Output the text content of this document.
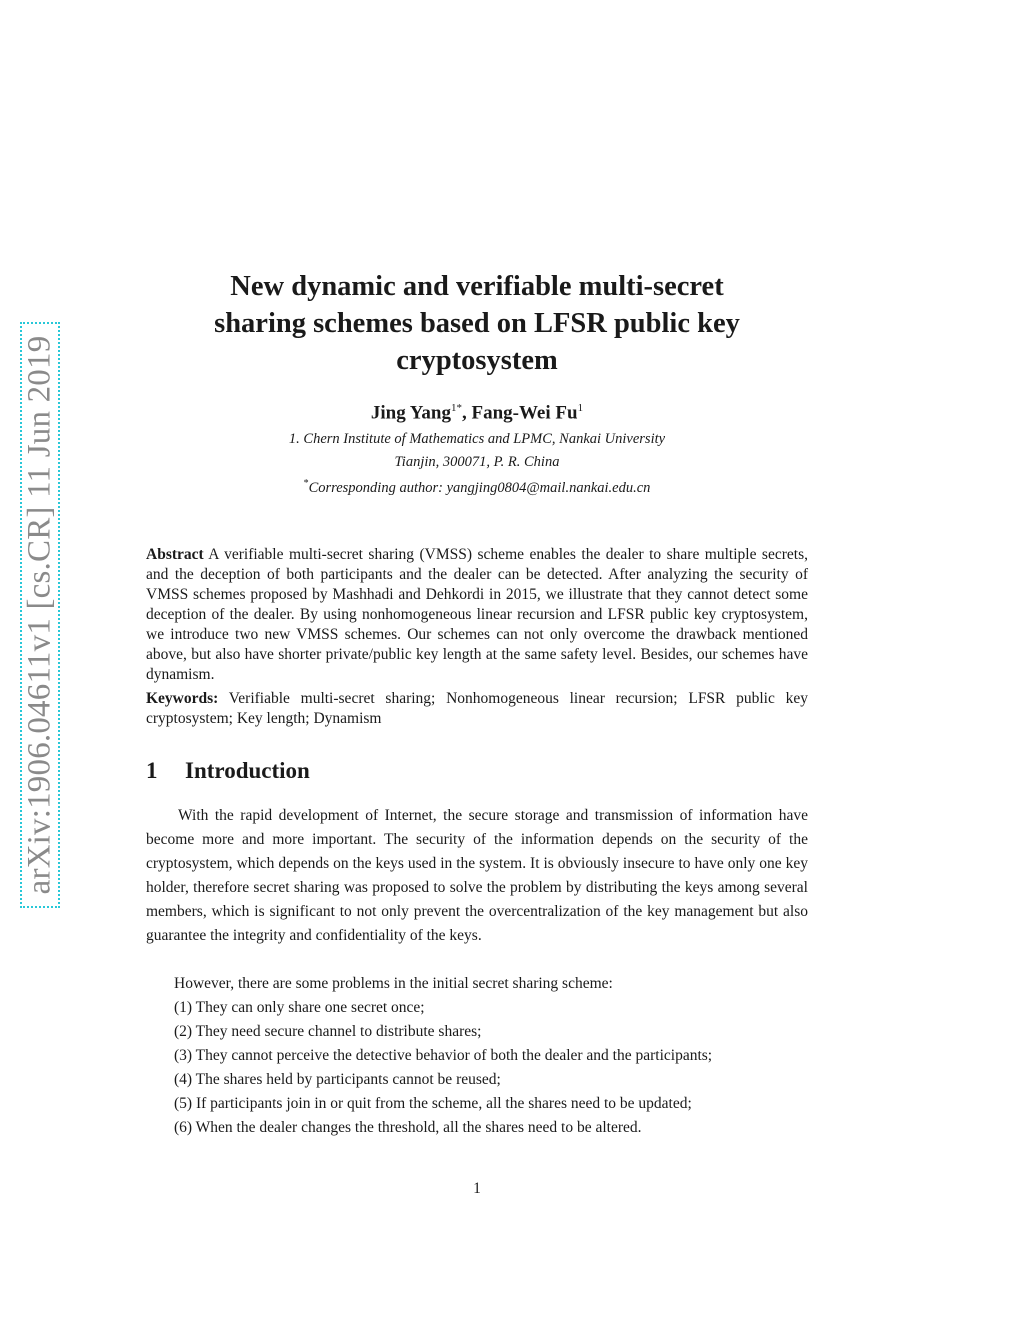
arXiv:1906.04611v1 [cs.CR] 11 Jun 2019
New dynamic and verifiable multi-secret
sharing schemes based on LFSR public key
cryptosystem
Jing Yang$^{1*}$, Fang-Wei Fu$^1$
1. Chern Institute of Mathematics and LPMC, Nankai University
Tianjin, 300071, P. R. China
*Corresponding author: yangjing0804@mail.nankai.edu.cn

Abstract A verifiable multi-secret sharing (VMSS) scheme enables the dealer to share multiple secrets, and the deception of both participants and the dealer can be detected. After analyzing the security of VMSS schemes proposed by Mashhadi and Dehkordi in 2015, we illustrate that they cannot detect some deception of the dealer. By using nonhomogeneous linear recursion and LFSR public key cryptosystem, we introduce two new VMSS schemes. Our schemes can not only overcome the drawback mentioned above, but also have shorter private/public key length at the same safety level. Besides, our schemes have dynamism.

Keywords: Verifiable multi-secret sharing; Nonhomogeneous linear recursion; LFSR public key cryptosystem; Key length; Dynamism

1 Introduction

With the rapid development of Internet, the secure storage and transmission of information have become more and more important. The security of the information depends on the security of the cryptosystem, which depends on the keys used in the system. It is obviously insecure to have only one key holder, therefore secret sharing was proposed to solve the problem by distributing the keys among several members, which is significant to not only prevent the overcentralization of the key management but also guarantee the integrity and confidentiality of the keys.

However, there are some problems in the initial secret sharing scheme:

(1) They can only share one secret once;
(2) They need secure channel to distribute shares;
(3) They cannot perceive the detective behavior of both the dealer and the participants;
(4) The shares held by participants cannot be reused;
(5) If participants join in or quit from the scheme, all the shares need to be updated;
(6) When the dealer changes the threshold, all the shares need to be altered.
1
